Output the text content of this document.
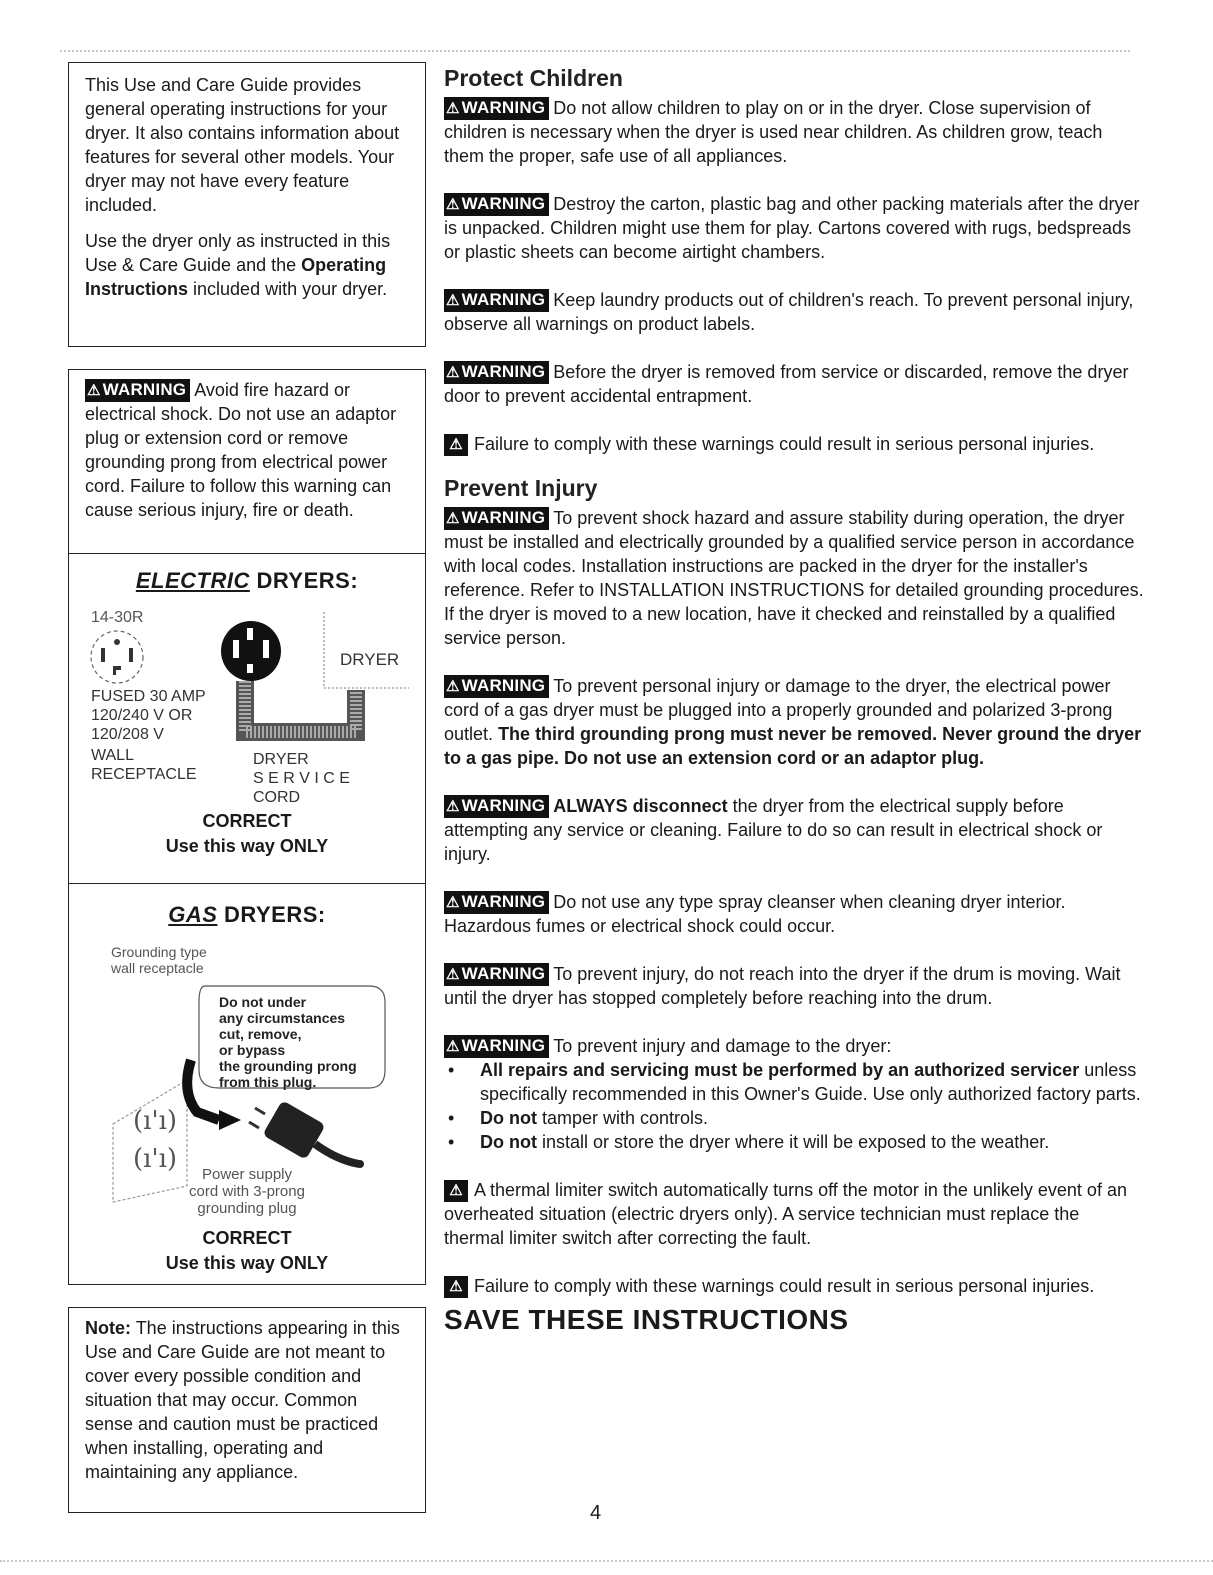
This Use and Care Guide provides general operating instructions for your dryer. It also contains information about features for several other models. Your dryer may not have every feature included.

Use the dryer only as instructed in this Use & Care Guide and the Operating Instructions included with your dryer.

⚠ WARNING Avoid fire hazard or electrical shock. Do not use an adaptor plug or extension cord or remove grounding prong from electrical power cord. Failure to follow this warning can cause serious injury, fire or death.
ELECTRIC DRYERS:
14-30R
DRYER
FUSED 30 AMP
120/240 V OR
120/208 V
WALL
RECEPTACLE
DRYER
S E R V I C E
CORD
CORRECT
Use this way ONLY
GAS DRYERS:
Grounding type
wall receptacle
(ı'ı)
(ı'ı)
Do not under
any circumstances
cut, remove,
or bypass
the grounding prong
from this plug.
Power supply
cord with 3-prong
grounding plug
CORRECT
Use this way ONLY
Note: The instructions appearing in this Use and Care Guide are not meant to cover every possible condition and situation that may occur. Common sense and caution must be practiced when installing, operating and maintaining any appliance.
Protect Children

⚠ WARNING Do not allow children to play on or in the dryer. Close supervision of children is necessary when the dryer is used near children. As children grow, teach them the proper, safe use of all appliances.

⚠ WARNING Destroy the carton, plastic bag and other packing materials after the dryer is unpacked. Children might use them for play. Cartons covered with rugs, bedspreads or plastic sheets can become airtight chambers.

⚠ WARNING Keep laundry products out of children's reach. To prevent personal injury, observe all warnings on product labels.

⚠ WARNING Before the dryer is removed from service or discarded, remove the dryer door to prevent accidental entrapment.

⚠ Failure to comply with these warnings could result in serious personal injuries.

Prevent Injury

⚠ WARNING To prevent shock hazard and assure stability during operation, the dryer must be installed and electrically grounded by a qualified service person in accordance with local codes. Installation instructions are packed in the dryer for the installer's reference. Refer to INSTALLATION INSTRUCTIONS for detailed grounding procedures. If the dryer is moved to a new location, have it checked and reinstalled by a qualified service person.

⚠ WARNING To prevent personal injury or damage to the dryer, the electrical power cord of a gas dryer must be plugged into a properly grounded and polarized 3-prong outlet. The third grounding prong must never be removed. Never ground the dryer to a gas pipe. Do not use an extension cord or an adaptor plug.

⚠ WARNING ALWAYS disconnect the dryer from the electrical supply before attempting any service or cleaning. Failure to do so can result in electrical shock or injury.

⚠ WARNING Do not use any type spray cleanser when cleaning dryer interior. Hazardous fumes or electrical shock could occur.

⚠ WARNING To prevent injury, do not reach into the dryer if the drum is moving. Wait until the dryer has stopped completely before reaching into the drum.

⚠ WARNING To prevent injury and damage to the dryer:

• All repairs and servicing must be performed by an authorized servicer unless specifically recommended in this Owner's Guide. Use only authorized factory parts.
• Do not tamper with controls.
• Do not install or store the dryer where it will be exposed to the weather.

⚠ A thermal limiter switch automatically turns off the motor in the unlikely event of an overheated situation (electric dryers only). A service technician must replace the thermal limiter switch after correcting the fault.

⚠ Failure to comply with these warnings could result in serious personal injuries.

SAVE THESE INSTRUCTIONS
4
